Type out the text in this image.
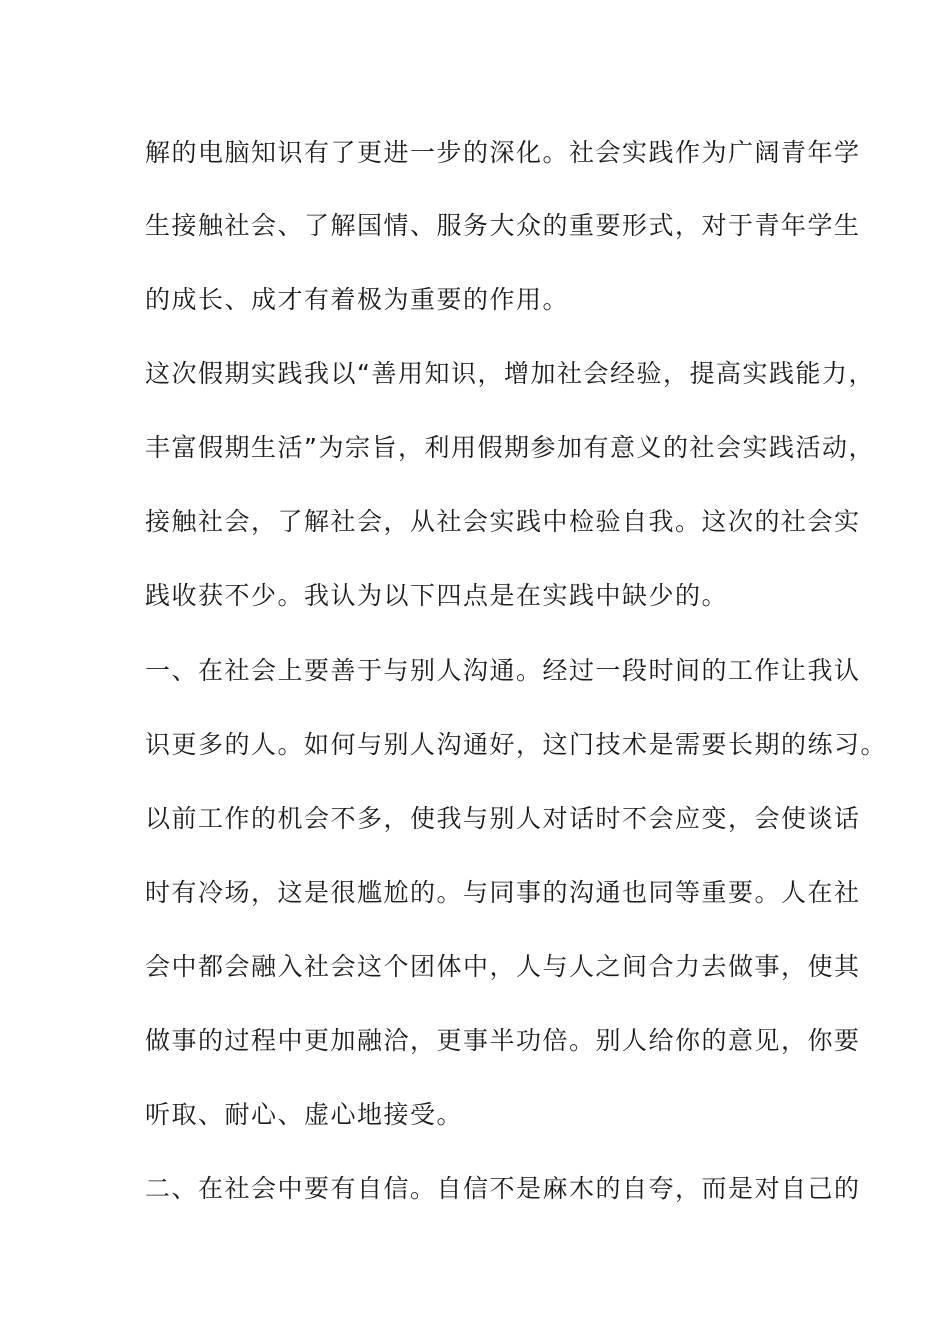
解的电脑知识有了更进一步的深化。社会实践作为广阔青年学
生接触社会、了解国情、服务大众的重要形式，对于青年学生
的成长、成才有着极为重要的作用。
这次假期实践我以“善用知识，增加社会经验，提高实践能力，
丰富假期生活”为宗旨，利用假期参加有意义的社会实践活动，
接触社会，了解社会，从社会实践中检验自我。这次的社会实
践收获不少。我认为以下四点是在实践中缺少的。
一、在社会上要善于与别人沟通。经过一段时间的工作让我认
识更多的人。如何与别人沟通好，这门技术是需要长期的练习。
以前工作的机会不多，使我与别人对话时不会应变，会使谈话
时有冷场，这是很尴尬的。与同事的沟通也同等重要。人在社
会中都会融入社会这个团体中，人与人之间合力去做事，使其
做事的过程中更加融洽，更事半功倍。别人给你的意见，你要
听取、耐心、虚心地接受。
二、在社会中要有自信。自信不是麻木的自夸，而是对自己的
